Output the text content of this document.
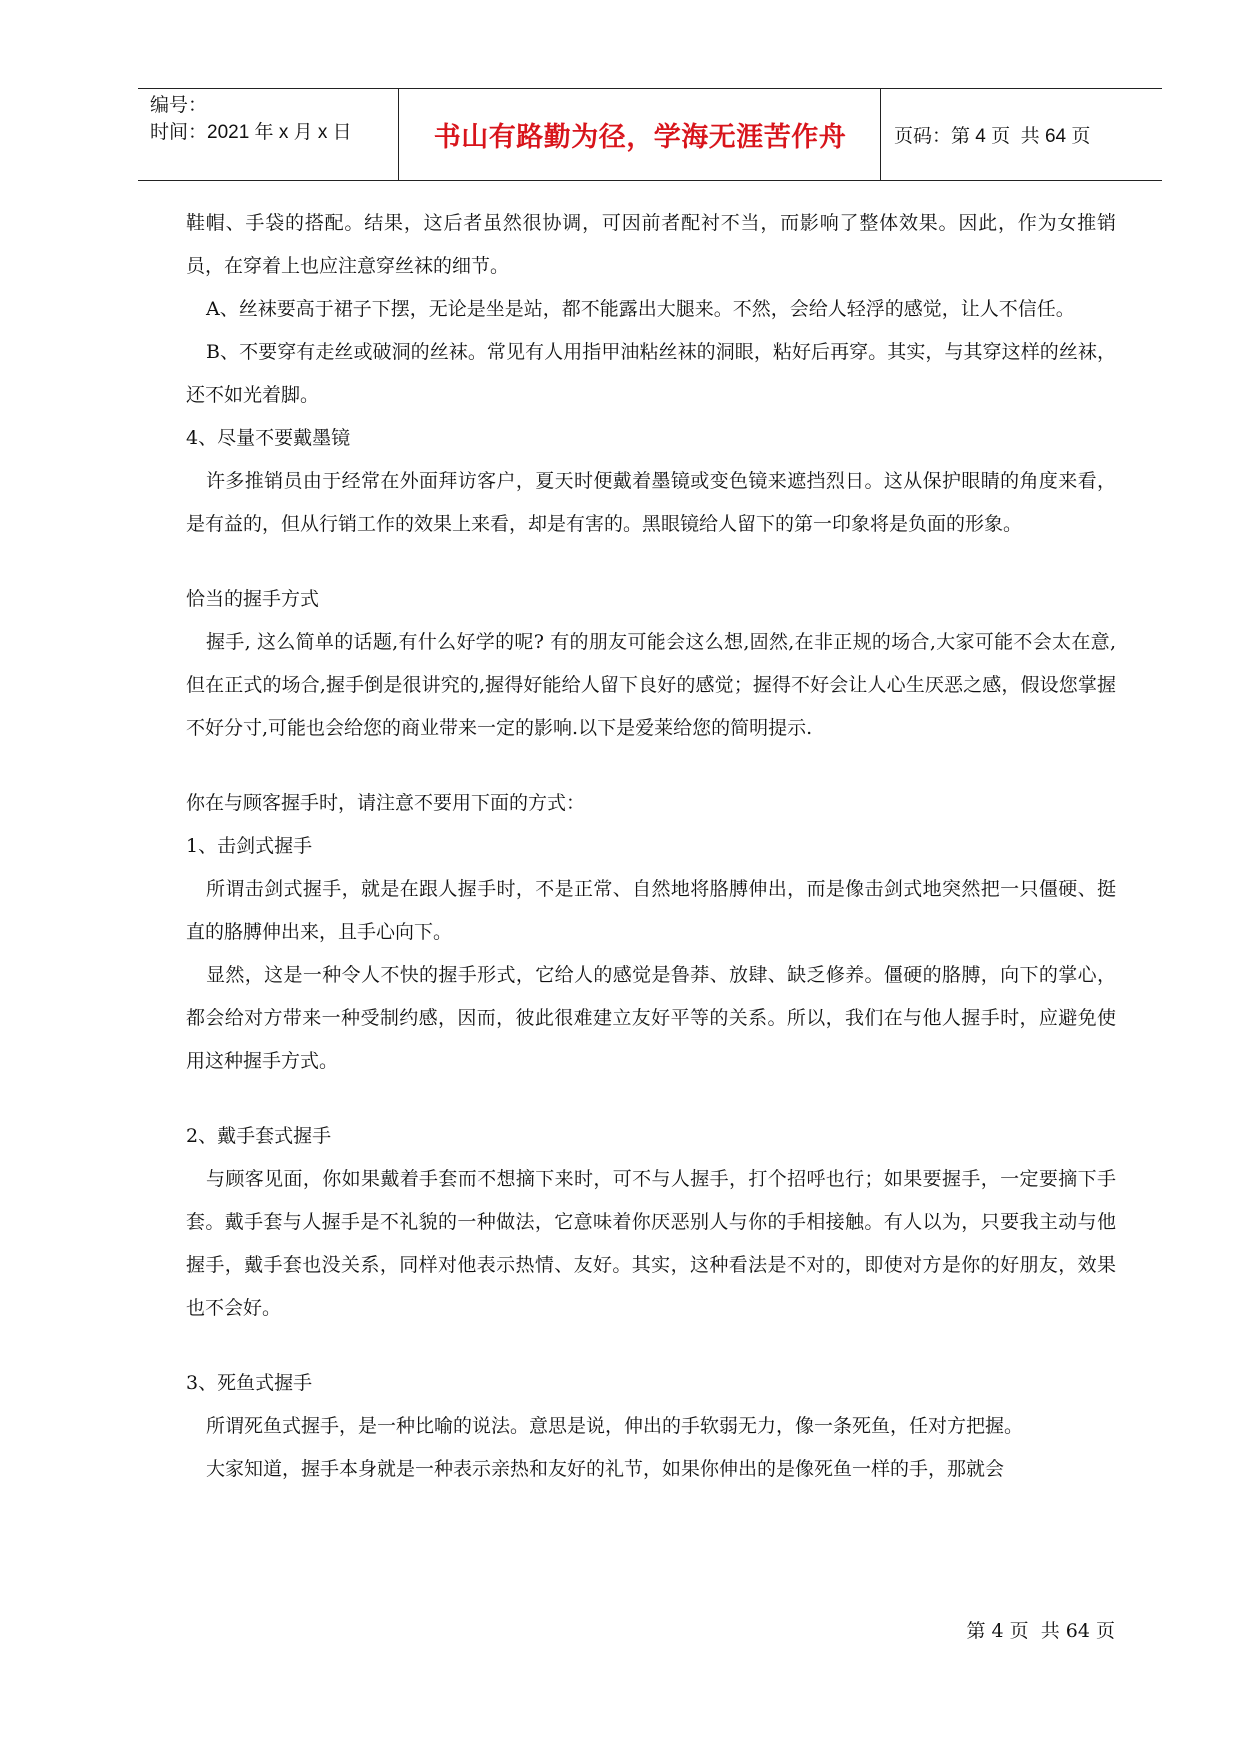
编号：
时间：2021 年 x 月 x 日	书山有路勤为径，学海无涯苦作舟	页码：第 4 页  共 64 页

鞋帽、手袋的搭配。结果，这后者虽然很协调，可因前者配衬不当，而影响了整体效果。因此，作为女推销员，在穿着上也应注意穿丝袜的细节。

A、丝袜要高于裙子下摆，无论是坐是站，都不能露出大腿来。不然，会给人轻浮的感觉，让人不信任。

B、不要穿有走丝或破洞的丝袜。常见有人用指甲油粘丝袜的洞眼，粘好后再穿。其实，与其穿这样的丝袜，还不如光着脚。

4、尽量不要戴墨镜

许多推销员由于经常在外面拜访客户，夏天时便戴着墨镜或变色镜来遮挡烈日。这从保护眼睛的角度来看，是有益的，但从行销工作的效果上来看，却是有害的。黑眼镜给人留下的第一印象将是负面的形象。

恰当的握手方式

握手, 这么简单的话题,有什么好学的呢? 有的朋友可能会这么想,固然,在非正规的场合,大家可能不会太在意,但在正式的场合,握手倒是很讲究的,握得好能给人留下良好的感觉；握得不好会让人心生厌恶之感，假设您掌握不好分寸,可能也会给您的商业带来一定的影响.以下是爱莱给您的简明提示.

你在与顾客握手时，请注意不要用下面的方式：

1、击剑式握手

所谓击剑式握手，就是在跟人握手时，不是正常、自然地将胳膊伸出，而是像击剑式地突然把一只僵硬、挺直的胳膊伸出来，且手心向下。

显然，这是一种令人不快的握手形式，它给人的感觉是鲁莽、放肆、缺乏修养。僵硬的胳膊，向下的掌心，都会给对方带来一种受制约感，因而，彼此很难建立友好平等的关系。所以，我们在与他人握手时，应避免使用这种握手方式。

2、戴手套式握手

与顾客见面，你如果戴着手套而不想摘下来时，可不与人握手，打个招呼也行；如果要握手，一定要摘下手套。戴手套与人握手是不礼貌的一种做法，它意味着你厌恶别人与你的手相接触。有人以为，只要我主动与他握手，戴手套也没关系，同样对他表示热情、友好。其实，这种看法是不对的，即使对方是你的好朋友，效果也不会好。

3、死鱼式握手

所谓死鱼式握手，是一种比喻的说法。意思是说，伸出的手软弱无力，像一条死鱼，任对方把握。

大家知道，握手本身就是一种表示亲热和友好的礼节，如果你伸出的是像死鱼一样的手，那就会

第 4 页  共 64 页
